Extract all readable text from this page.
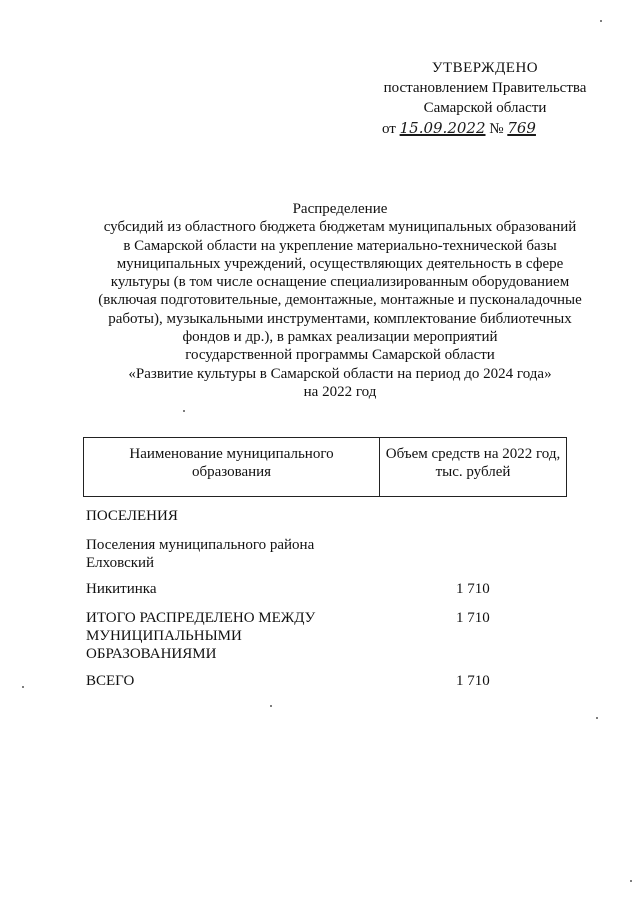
УТВЕРЖДЕНО
постановлением Правительства
Самарской области
от 15.09.2022 № 769
Распределение
субсидий из областного бюджета бюджетам муниципальных образований
в Самарской области на укрепление материально-технической базы
муниципальных учреждений, осуществляющих деятельность в сфере
культуры (в том числе оснащение специализированным оборудованием
(включая подготовительные, демонтажные, монтажные и пусконаладочные
работы), музыкальными инструментами, комплектование библиотечных
фондов и др.), в рамках реализации мероприятий
государственной программы Самарской области
«Развитие культуры в Самарской области на период до 2024 года»
на 2022 год
Наименование муниципального
образования
Объем средств на 2022 год,
тыс. рублей
ПОСЕЛЕНИЯ
Поселения муниципального района
Елховский
Никитинка	1 710
ИТОГО РАСПРЕДЕЛЕНО МЕЖДУ
МУНИЦИПАЛЬНЫМИ
ОБРАЗОВАНИЯМИ
1 710
ВСЕГО	1 710
